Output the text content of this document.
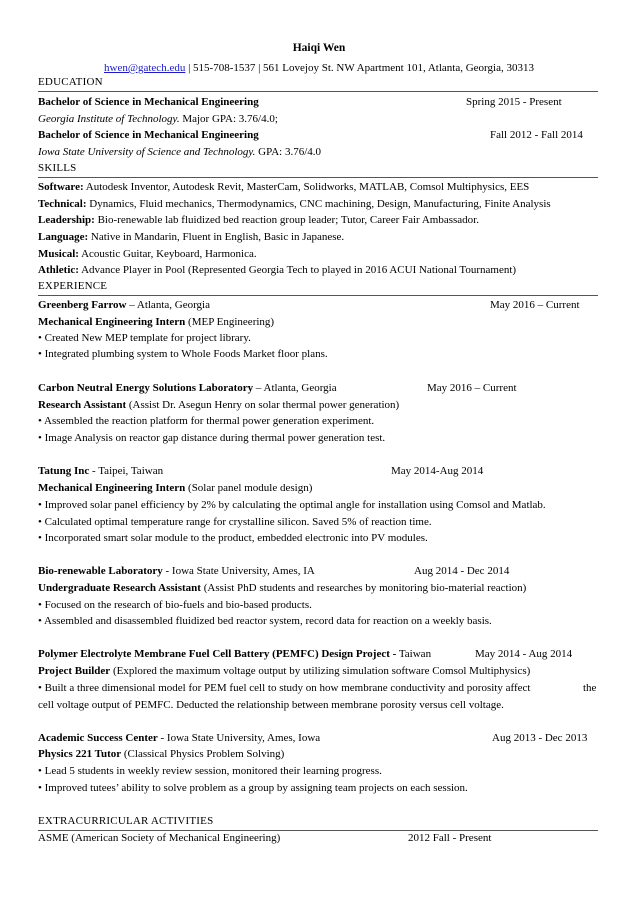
Haiqi Wen
hwen@gatech.edu | 515-708-1537 | 561 Lovejoy St. NW Apartment 101, Atlanta, Georgia, 30313
EDUCATION
Bachelor of Science in Mechanical Engineering	Spring 2015 - Present
Georgia Institute of Technology. Major GPA: 3.76/4.0;
Bachelor of Science in Mechanical Engineering	Fall 2012 - Fall 2014
Iowa State University of Science and Technology. GPA: 3.76/4.0
SKILLS
Software: Autodesk Inventor, Autodesk Revit, MasterCam, Solidworks, MATLAB, Comsol Multiphysics, EES
Technical: Dynamics, Fluid mechanics, Thermodynamics, CNC machining, Design, Manufacturing, Finite Analysis
Leadership: Bio-renewable lab fluidized bed reaction group leader; Tutor, Career Fair Ambassador.
Language: Native in Mandarin, Fluent in English, Basic in Japanese.
Musical: Acoustic Guitar, Keyboard, Harmonica.
Athletic: Advance Player in Pool (Represented Georgia Tech to played in 2016 ACUI National Tournament)
EXPERIENCE
Greenberg Farrow – Atlanta, Georgia	May 2016 – Current
Mechanical Engineering Intern (MEP Engineering)
• Created New MEP template for project library.
• Integrated plumbing system to Whole Foods Market floor plans.
Carbon Neutral Energy Solutions Laboratory – Atlanta, Georgia	May 2016 – Current
Research Assistant (Assist Dr. Asegun Henry on solar thermal power generation)
• Assembled the reaction platform for thermal power generation experiment.
• Image Analysis on reactor gap distance during thermal power generation test.
Tatung Inc - Taipei, Taiwan	May 2014-Aug 2014
Mechanical Engineering Intern (Solar panel module design)
• Improved solar panel efficiency by 2% by calculating the optimal angle for installation using Comsol and Matlab.
• Calculated optimal temperature range for crystalline silicon. Saved 5% of reaction time.
• Incorporated smart solar module to the product, embedded electronic into PV modules.
Bio-renewable Laboratory - Iowa State University, Ames, IA	Aug 2014 - Dec 2014
Undergraduate Research Assistant (Assist PhD students and researches by monitoring bio-material reaction)
• Focused on the research of bio-fuels and bio-based products.
• Assembled and disassembled fluidized bed reactor system, record data for reaction on a weekly basis.
Polymer Electrolyte Membrane Fuel Cell Battery (PEMFC) Design Project - Taiwan	May 2014 - Aug 2014
Project Builder (Explored the maximum voltage output by utilizing simulation software Comsol Multiphysics)
• Built a three dimensional model for PEM fuel cell to study on how membrane conductivity and porosity affect	the
cell voltage output of PEMFC. Deducted the relationship between membrane porosity versus cell voltage.
Academic Success Center - Iowa State University, Ames, Iowa	Aug 2013 - Dec 2013
Physics 221 Tutor (Classical Physics Problem Solving)
• Lead 5 students in weekly review session, monitored their learning progress.
• Improved tutees’ ability to solve problem as a group by assigning team projects on each session.
EXTRACURRICULAR ACTIVITIES
ASME (American Society of Mechanical Engineering)	2012 Fall - Present
